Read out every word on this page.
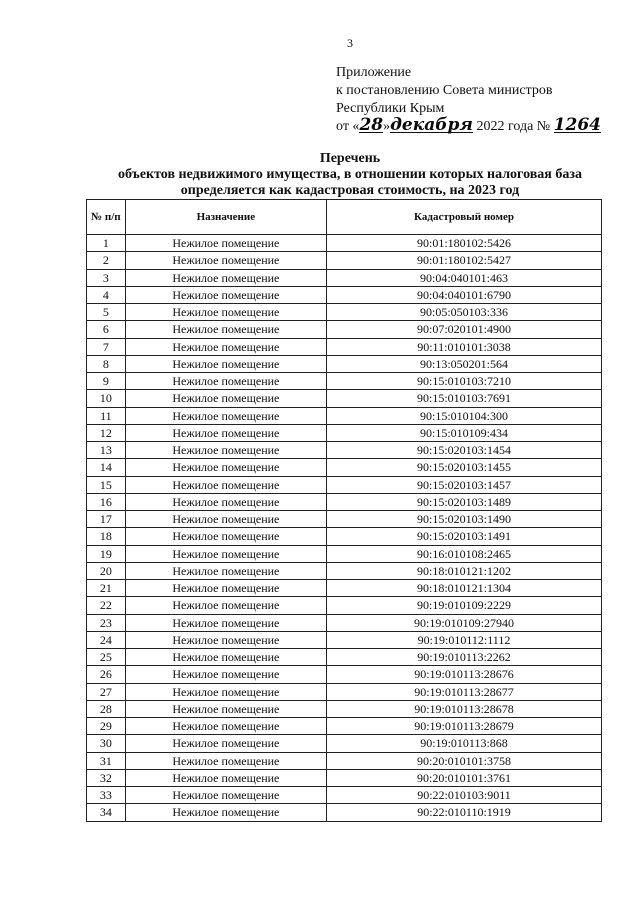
3
Приложение
к постановлению Совета министров
Республики Крым
от «28»декабря 2022 года № 1264
Перечень
объектов недвижимого имущества, в отношении которых налоговая база
определяется как кадастровая стоимость, на 2023 год
№ п/п	Назначение	Кадастровый номер
1	Нежилое помещение	90:01:180102:5426
2	Нежилое помещение	90:01:180102:5427
3	Нежилое помещение	90:04:040101:463
4	Нежилое помещение	90:04:040101:6790
5	Нежилое помещение	90:05:050103:336
6	Нежилое помещение	90:07:020101:4900
7	Нежилое помещение	90:11:010101:3038
8	Нежилое помещение	90:13:050201:564
9	Нежилое помещение	90:15:010103:7210
10	Нежилое помещение	90:15:010103:7691
11	Нежилое помещение	90:15:010104:300
12	Нежилое помещение	90:15:010109:434
13	Нежилое помещение	90:15:020103:1454
14	Нежилое помещение	90:15:020103:1455
15	Нежилое помещение	90:15:020103:1457
16	Нежилое помещение	90:15:020103:1489
17	Нежилое помещение	90:15:020103:1490
18	Нежилое помещение	90:15:020103:1491
19	Нежилое помещение	90:16:010108:2465
20	Нежилое помещение	90:18:010121:1202
21	Нежилое помещение	90:18:010121:1304
22	Нежилое помещение	90:19:010109:2229
23	Нежилое помещение	90:19:010109:27940
24	Нежилое помещение	90:19:010112:1112
25	Нежилое помещение	90:19:010113:2262
26	Нежилое помещение	90:19:010113:28676
27	Нежилое помещение	90:19:010113:28677
28	Нежилое помещение	90:19:010113:28678
29	Нежилое помещение	90:19:010113:28679
30	Нежилое помещение	90:19:010113:868
31	Нежилое помещение	90:20:010101:3758
32	Нежилое помещение	90:20:010101:3761
33	Нежилое помещение	90:22:010103:9011
34	Нежилое помещение	90:22:010110:1919
